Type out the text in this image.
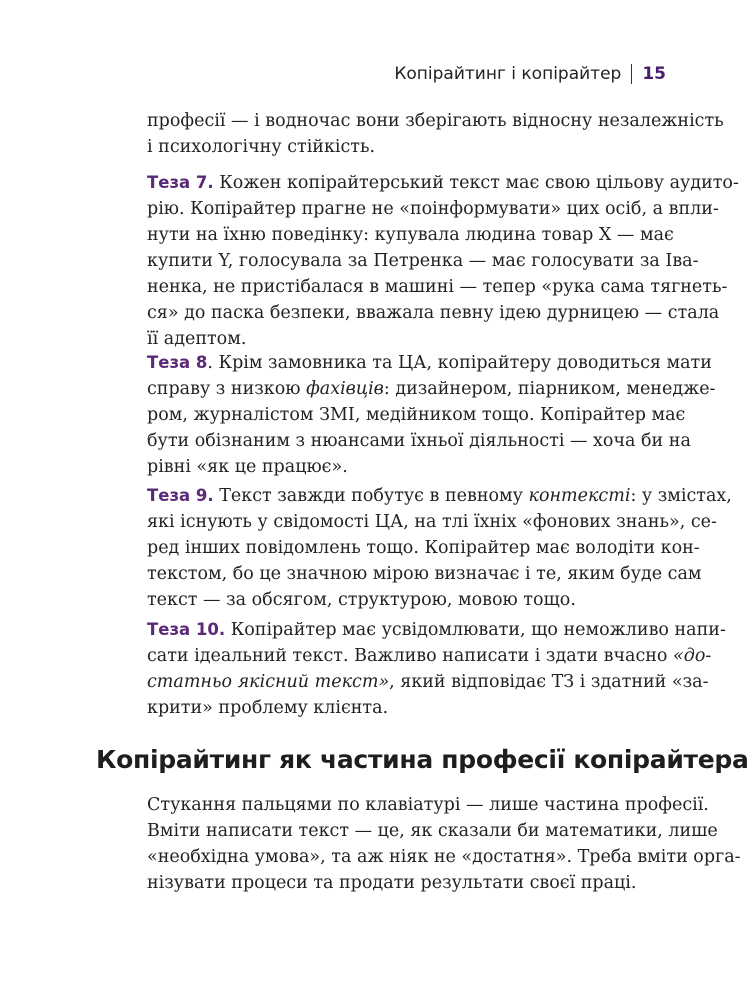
Копірайтинг і копірайтер 15
професії — і водночас вони зберігають відносну незалежність
і психологічну стійкість.
Теза 7. Кожен копірайтерський текст має свою цільову аудито-
рію. Копірайтер прагне не «поінформувати» цих осіб, а впли-
нути на їхню поведінку: купувала людина товар X — має
купити Y, голосувала за Петренка — має голосувати за Іва-
ненка, не пристібалася в машині — тепер «рука сама тягнеть-
ся» до паска безпеки, вважала певну ідею дурницею — стала
її адептом.
Теза 8. Крім замовника та ЦА, копірайтеру доводиться мати
справу з низкою фахівців: дизайнером, піарником, менедже-
ром, журналістом ЗМІ, медійником тощо. Копірайтер має
бути обізнаним з нюансами їхньої діяльності — хоча би на
рівні «як це працює».
Теза 9. Текст завжди побутує в певному контексті: у змістах,
які існують у свідомості ЦА, на тлі їхніх «фонових знань», се-
ред інших повідомлень тощо. Копірайтер має володіти кон-
текстом, бо це значною мірою визначає і те, яким буде сам
текст — за обсягом, структурою, мовою тощо.
Теза 10. Копірайтер має усвідомлювати, що неможливо напи-
сати ідеальний текст. Важливо написати і здати вчасно «до-
статньо якісний текст», який відповідає ТЗ і здатний «за-
крити» проблему клієнта.
Копірайтинг як частина професії копірайтера
Стукання пальцями по клавіатурі — лише частина професії.
Вміти написати текст — це, як сказали би математики, лише
«необхідна умова», та аж ніяк не «достатня». Треба вміти орга-
нізувати процеси та продати результати своєї праці.
